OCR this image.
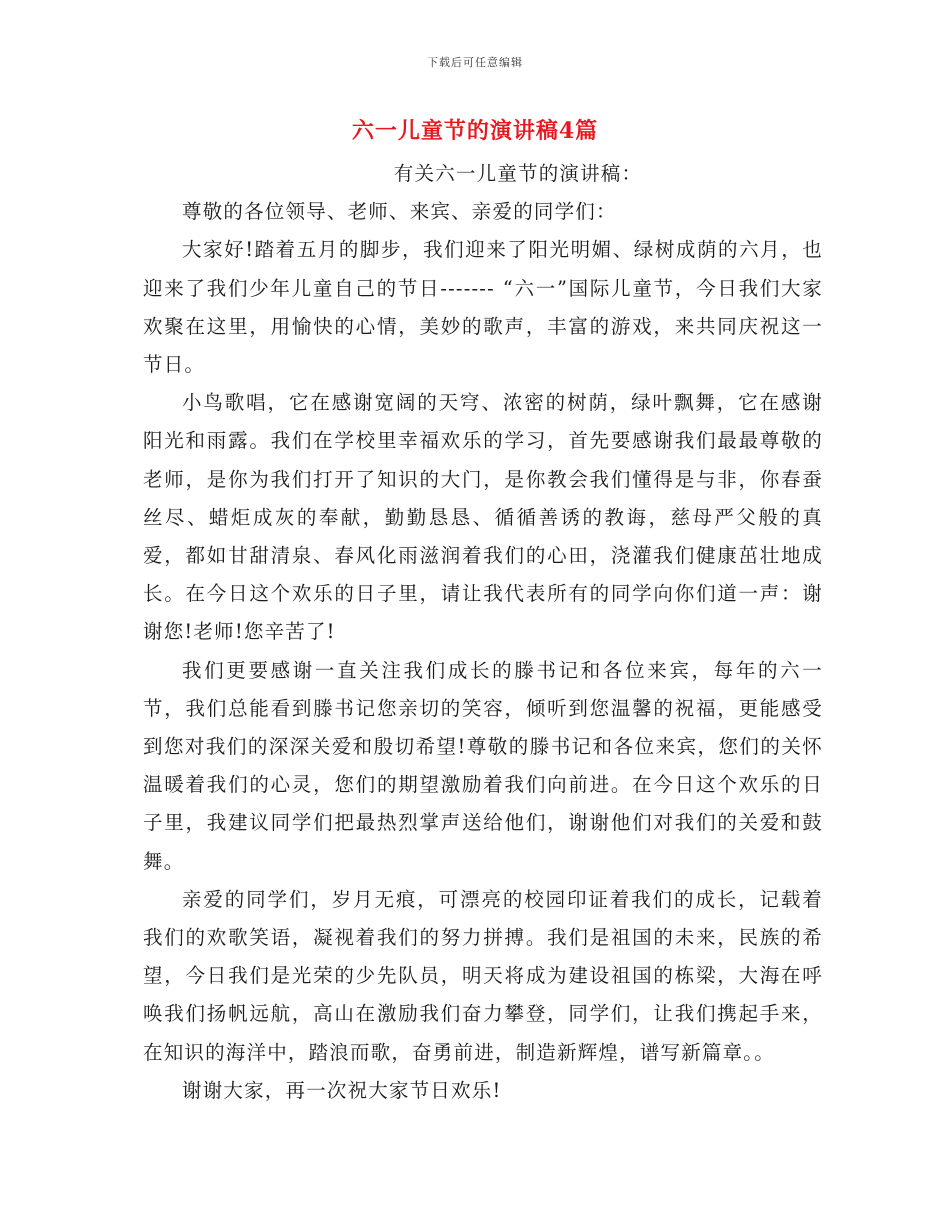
下载后可任意编辑
六一儿童节的演讲稿4篇

有关六一儿童节的演讲稿：

尊敬的各位领导、老师、来宾、亲爱的同学们：

大家好!踏着五月的脚步，我们迎来了阳光明媚、绿树成荫的六月，也迎来了我们少年儿童自己的节日------- “六一”国际儿童节，今日我们大家欢聚在这里，用愉快的心情，美妙的歌声，丰富的游戏，来共同庆祝这一节日。

小鸟歌唱，它在感谢宽阔的天穹、浓密的树荫，绿叶飘舞，它在感谢阳光和雨露。我们在学校里幸福欢乐的学习，首先要感谢我们最最尊敬的老师，是你为我们打开了知识的大门，是你教会我们懂得是与非，你春蚕丝尽、蜡炬成灰的奉献，勤勤恳恳、循循善诱的教诲，慈母严父般的真爱，都如甘甜清泉、春风化雨滋润着我们的心田，浇灌我们健康茁壮地成长。在今日这个欢乐的日子里，请让我代表所有的同学向你们道一声：谢谢您!老师!您辛苦了!

我们更要感谢一直关注我们成长的滕书记和各位来宾，每年的六一节，我们总能看到滕书记您亲切的笑容，倾听到您温馨的祝福，更能感受到您对我们的深深关爱和殷切希望!尊敬的滕书记和各位来宾，您们的关怀温暖着我们的心灵，您们的期望激励着我们向前进。在今日这个欢乐的日子里，我建议同学们把最热烈掌声送给他们，谢谢他们对我们的关爱和鼓舞。

亲爱的同学们，岁月无痕，可漂亮的校园印证着我们的成长，记载着我们的欢歌笑语，凝视着我们的努力拼搏。我们是祖国的未来，民族的希望，今日我们是光荣的少先队员，明天将成为建设祖国的栋梁，大海在呼唤我们扬帆远航，高山在激励我们奋力攀登，同学们，让我们携起手来，在知识的海洋中，踏浪而歌，奋勇前进，制造新辉煌，谱写新篇章。。

谢谢大家，再一次祝大家节日欢乐!
